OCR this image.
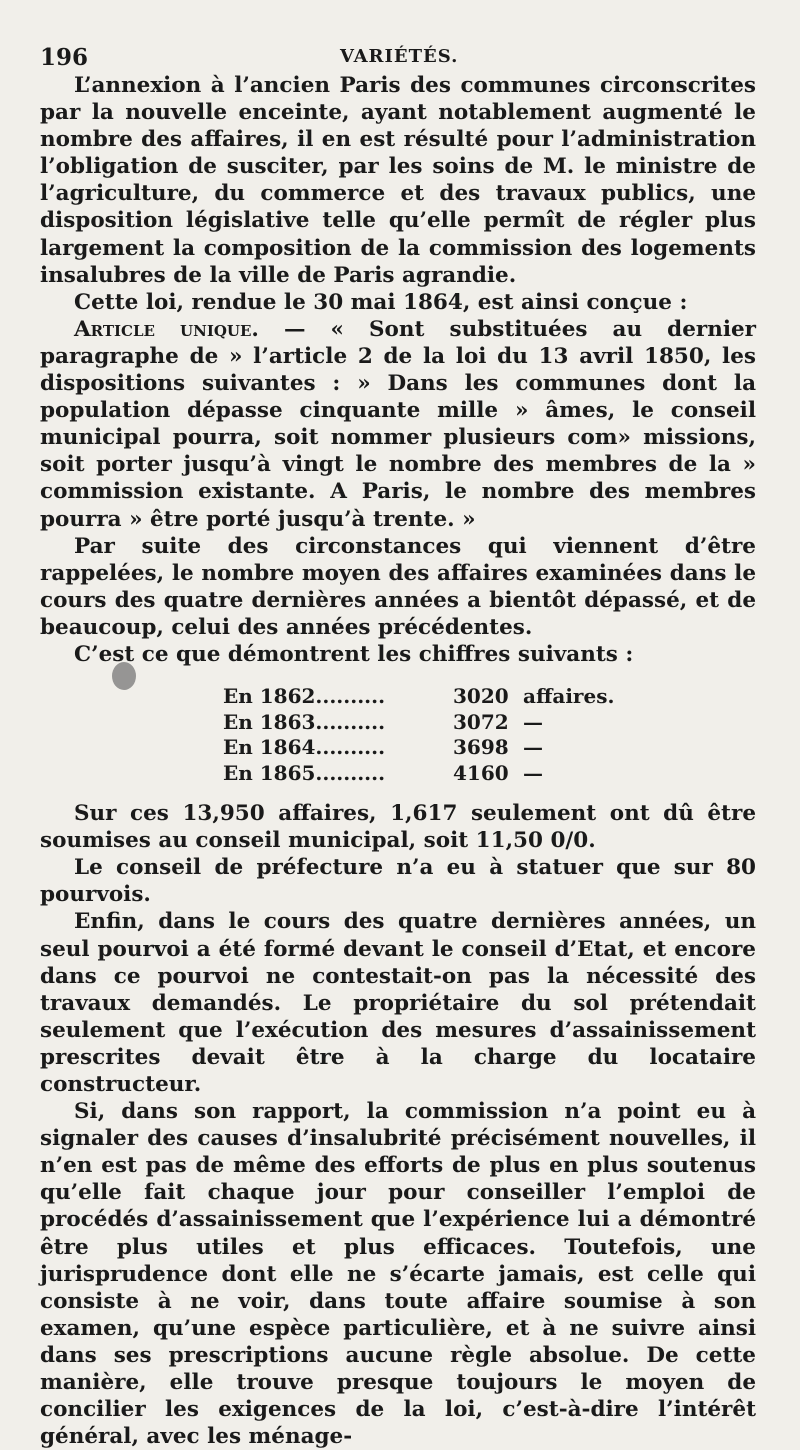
196	VARIÉTÉS.

L’annexion à l’ancien Paris des communes circonscrites par la nouvelle enceinte, ayant notablement augmenté le nombre des affaires, il en est résulté pour l’administration l’obligation de susciter, par les soins de M. le ministre de l’agriculture, du commerce et des travaux publics, une disposition législative telle qu’elle permît de régler plus largement la composition de la commission des logements insalubres de la ville de Paris agrandie.

Cette loi, rendue le 30 mai 1864, est ainsi conçue :

Article unique. — « Sont substituées au dernier paragraphe de » l’article 2 de la loi du 13 avril 1850, les dispositions suivantes : » Dans les communes dont la population dépasse cinquante mille » âmes, le conseil municipal pourra, soit nommer plusieurs com» missions, soit porter jusqu’à vingt le nombre des membres de la » commission existante. A Paris, le nombre des membres pourra » être porté jusqu’à trente. »

Par suite des circonstances qui viennent d’être rappelées, le nombre moyen des affaires examinées dans le cours des quatre dernières années a bientôt dépassé, et de beaucoup, celui des années précédentes.

C’est ce que démontrent les chiffres suivants :

En 1862..........	3020 affaires.
En 1863..........	3072 —
En 1864..........	3698 —
En 1865..........	4160 —

Sur ces 13,950 affaires, 1,617 seulement ont dû être soumises au conseil municipal, soit 11,50 0/0.

Le conseil de préfecture n’a eu à statuer que sur 80 pourvois.

Enfin, dans le cours des quatre dernières années, un seul pourvoi a été formé devant le conseil d’Etat, et encore dans ce pourvoi ne contestait-on pas la nécessité des travaux demandés. Le propriétaire du sol prétendait seulement que l’exécution des mesures d’assainissement prescrites devait être à la charge du locataire constructeur.

Si, dans son rapport, la commission n’a point eu à signaler des causes d’insalubrité précisément nouvelles, il n’en est pas de même des efforts de plus en plus soutenus qu’elle fait chaque jour pour conseiller l’emploi de procédés d’assainissement que l’expérience lui a démontré être plus utiles et plus efficaces. Toutefois, une jurisprudence dont elle ne s’écarte jamais, est celle qui consiste à ne voir, dans toute affaire soumise à son examen, qu’une espèce particulière, et à ne suivre ainsi dans ses prescriptions aucune règle absolue. De cette manière, elle trouve presque toujours le moyen de concilier les exigences de la loi, c’est-à-dire l’intérêt général, avec les ménage-
